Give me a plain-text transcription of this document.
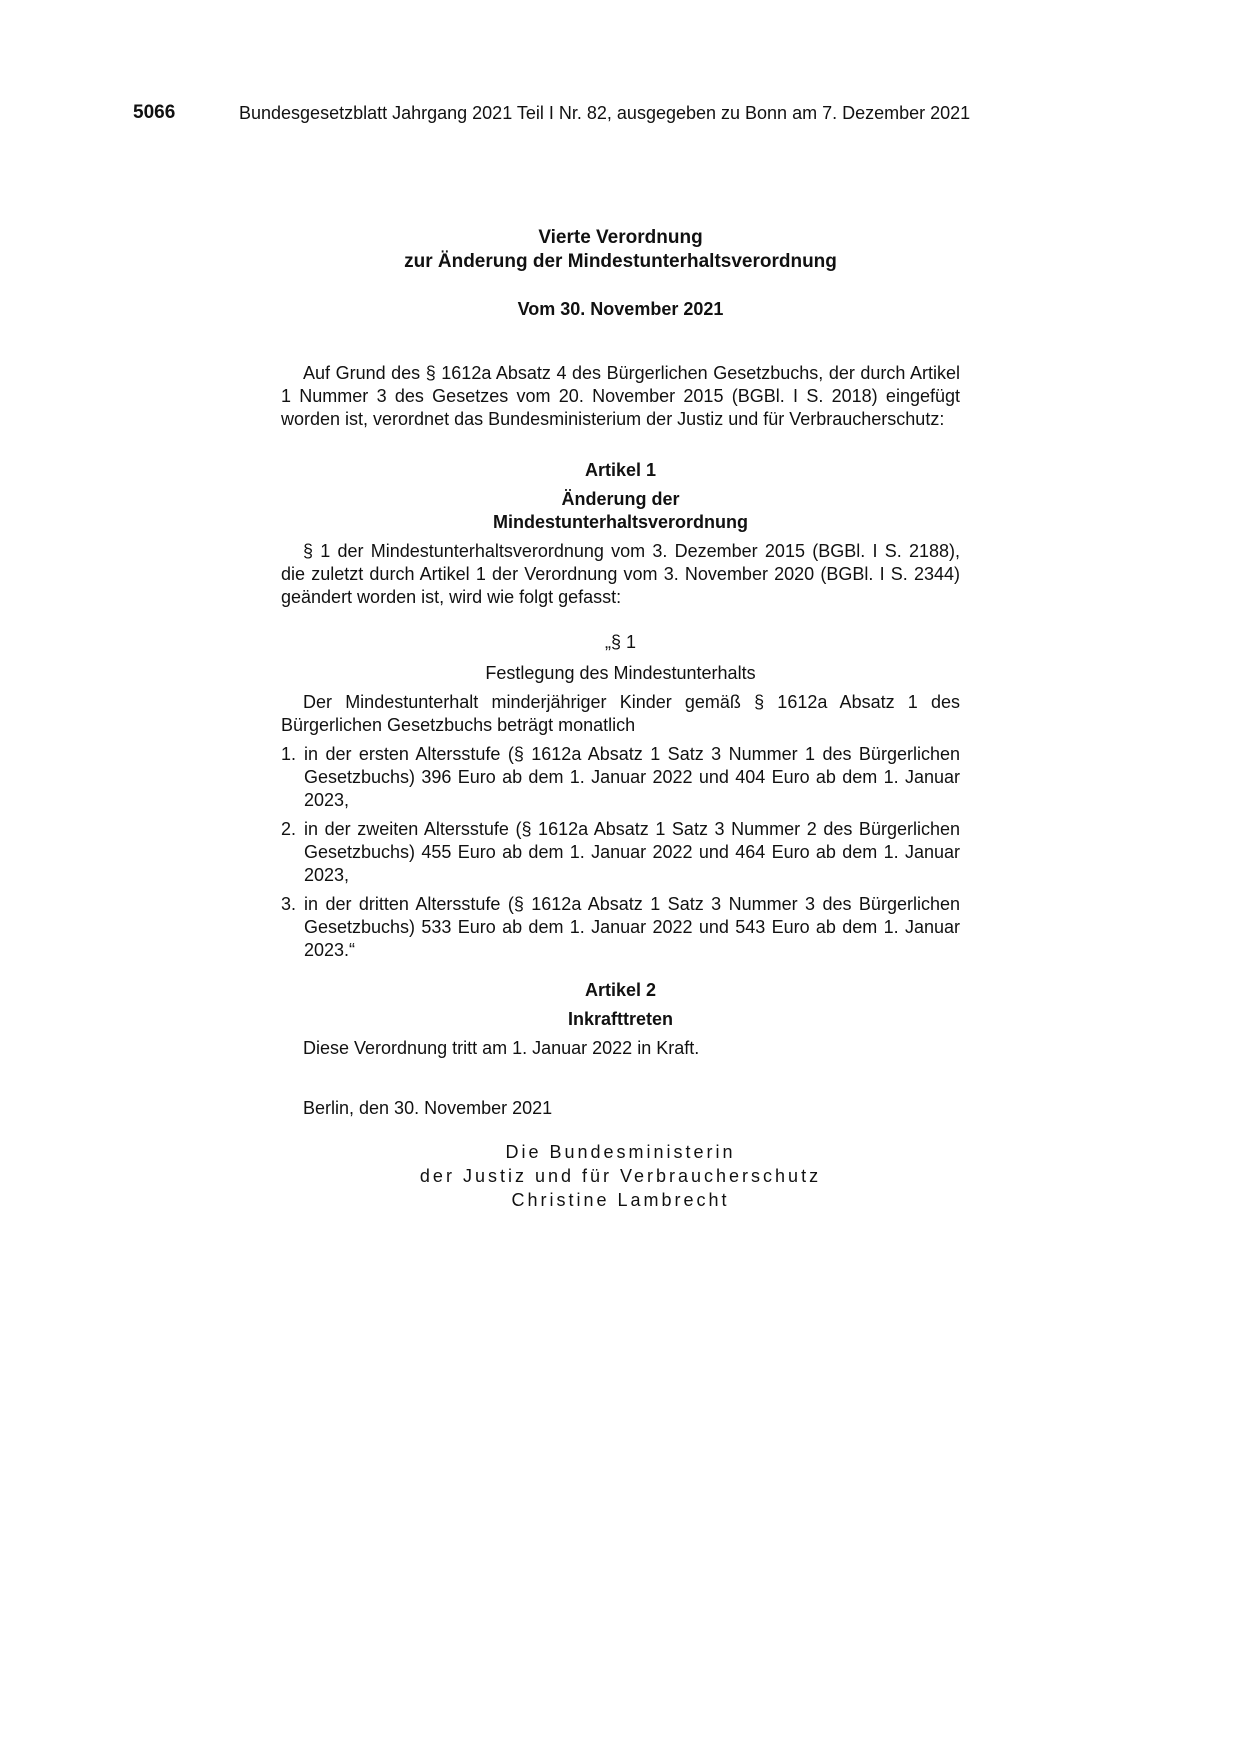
5066	Bundesgesetzblatt Jahrgang 2021 Teil I Nr. 82, ausgegeben zu Bonn am 7. Dezember 2021
Vierte Verordnung
zur Änderung der Mindestunterhaltsverordnung
Vom 30. November 2021

Auf Grund des § 1612a Absatz 4 des Bürgerlichen Gesetzbuchs, der durch Artikel 1 Nummer 3 des Gesetzes vom 20. November 2015 (BGBl. I S. 2018) eingefügt worden ist, verordnet das Bundesministerium der Justiz und für Verbraucherschutz:

Artikel 1
Änderung der
Mindestunterhaltsverordnung

§ 1 der Mindestunterhaltsverordnung vom 3. Dezember 2015 (BGBl. I S. 2188), die zuletzt durch Artikel 1 der Verordnung vom 3. November 2020 (BGBl. I S. 2344) geändert worden ist, wird wie folgt gefasst:

„§ 1
Festlegung des Mindestunterhalts

Der Mindestunterhalt minderjähriger Kinder gemäß § 1612a Absatz 1 des Bürgerlichen Gesetzbuchs beträgt monatlich

1. in der ersten Altersstufe (§ 1612a Absatz 1 Satz 3 Nummer 1 des Bürgerlichen Gesetzbuchs) 396 Euro ab dem 1. Januar 2022 und 404 Euro ab dem 1. Januar 2023,
2. in der zweiten Altersstufe (§ 1612a Absatz 1 Satz 3 Nummer 2 des Bürgerlichen Gesetzbuchs) 455 Euro ab dem 1. Januar 2022 und 464 Euro ab dem 1. Januar 2023,
3. in der dritten Altersstufe (§ 1612a Absatz 1 Satz 3 Nummer 3 des Bürgerlichen Gesetzbuchs) 533 Euro ab dem 1. Januar 2022 und 543 Euro ab dem 1. Januar 2023.“
Artikel 2
Inkrafttreten

Diese Verordnung tritt am 1. Januar 2022 in Kraft.

Berlin, den 30. November 2021
Die Bundesministerin
der Justiz und für Verbraucherschutz
Christine Lambrecht
